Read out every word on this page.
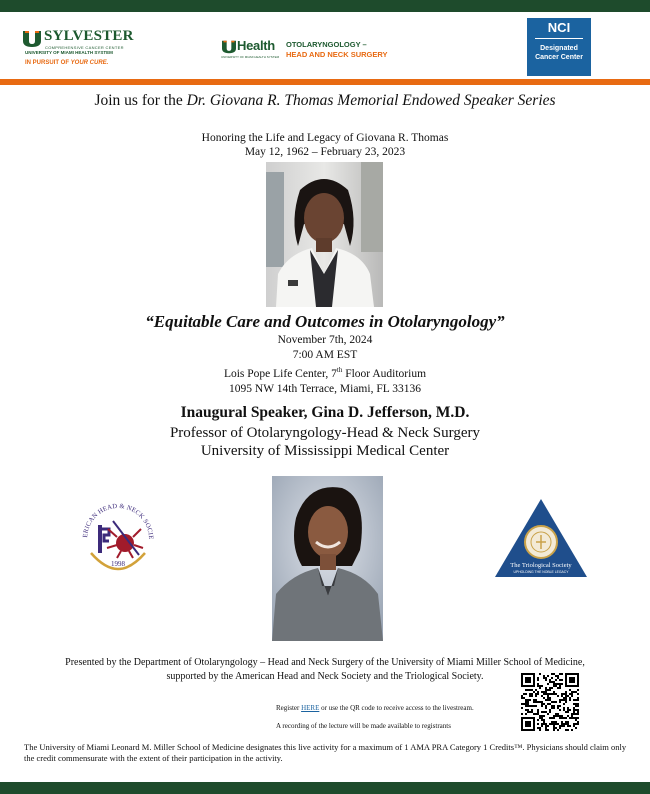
SYLVESTER
COMPREHENSIVE CANCER CENTER
UNIVERSITY OF MIAMI HEALTH SYSTEM
IN PURSUIT OF YOUR CURE.
Health
UNIVERSITY OF MIAMI HEALTH SYSTEM
OTOLARYNGOLOGY –
HEAD AND NECK SURGERY
NCI
Designated
Cancer Center
Join us for the Dr. Giovana R. Thomas Memorial Endowed Speaker Series
Honoring the Life and Legacy of Giovana R. Thomas
May 12, 1962 – February 23, 2023
“Equitable Care and Outcomes in Otolaryngology”
November 7th, 2024
7:00 AM EST
Lois Pope Life Center, 7th Floor Auditorium
1095 NW 14th Terrace, Miami, FL 33136
Inaugural Speaker, Gina D. Jefferson, M.D.
Professor of Otolaryngology-Head & Neck Surgery
University of Mississippi Medical Center
ERICAN HEAD & NECK SOCIE
1998	The Triological Society
UPHOLDING THE NOBLE LEGACY
Presented by the Department of Otolaryngology – Head and Neck Surgery of the University of Miami Miller School of Medicine,
supported by the American Head and Neck Society and the Triological Society.
Register HERE or use the QR code to receive access to the livestream.
A recording of the lecture will be made available to registrants
The University of Miami Leonard M. Miller School of Medicine designates this live activity for a maximum of 1 AMA PRA Category 1 Credits™. Physicians should claim only the credit commensurate with the extent of their participation in the activity.
